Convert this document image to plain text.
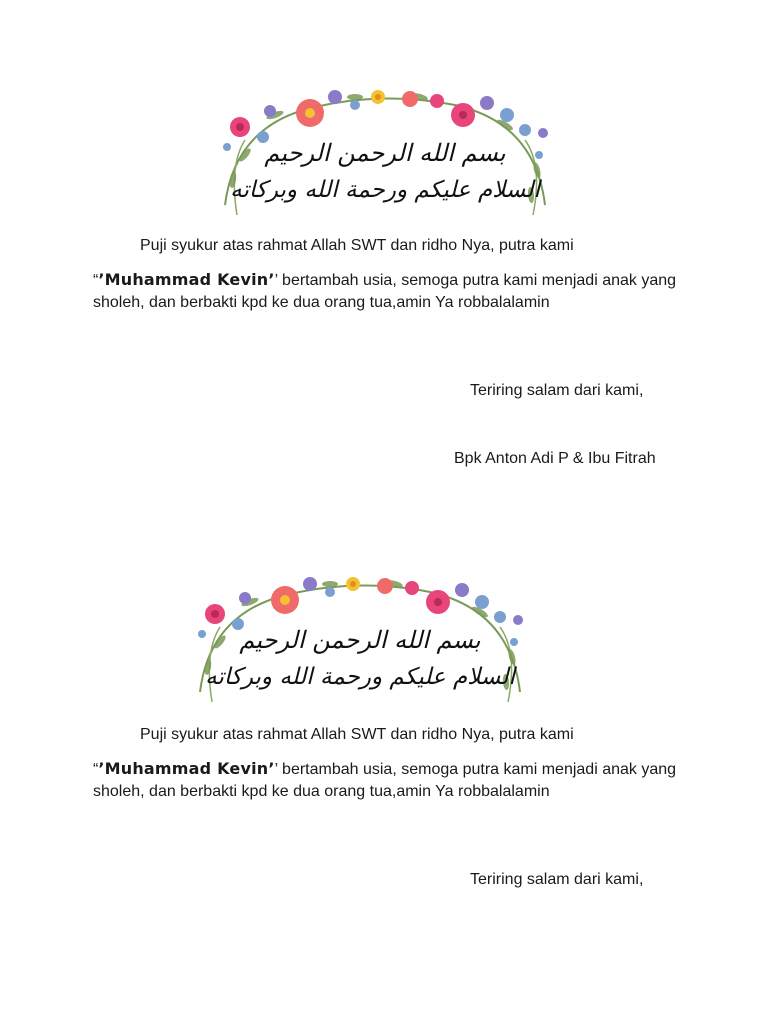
بسم الله الرحمن الرحيم
السلام عليكم ورحمة الله وبركاته

Puji syukur atas rahmat Allah SWT dan ridho Nya, putra kami

“’Muhammad Kevin’’ bertambah usia, semoga putra kami menjadi anak yang sholeh, dan berbakti kpd ke dua orang tua,amin Ya robbalalamin

Teriring salam dari kami,

Bpk Anton Adi P & Ibu Fitrah

بسم الله الرحمن الرحيم
السلام عليكم ورحمة الله وبركاته

Puji syukur atas rahmat Allah SWT dan ridho Nya, putra kami

“’Muhammad Kevin’’ bertambah usia, semoga putra kami menjadi anak yang sholeh, dan berbakti kpd ke dua orang tua,amin Ya robbalalamin

Teriring salam dari kami,
